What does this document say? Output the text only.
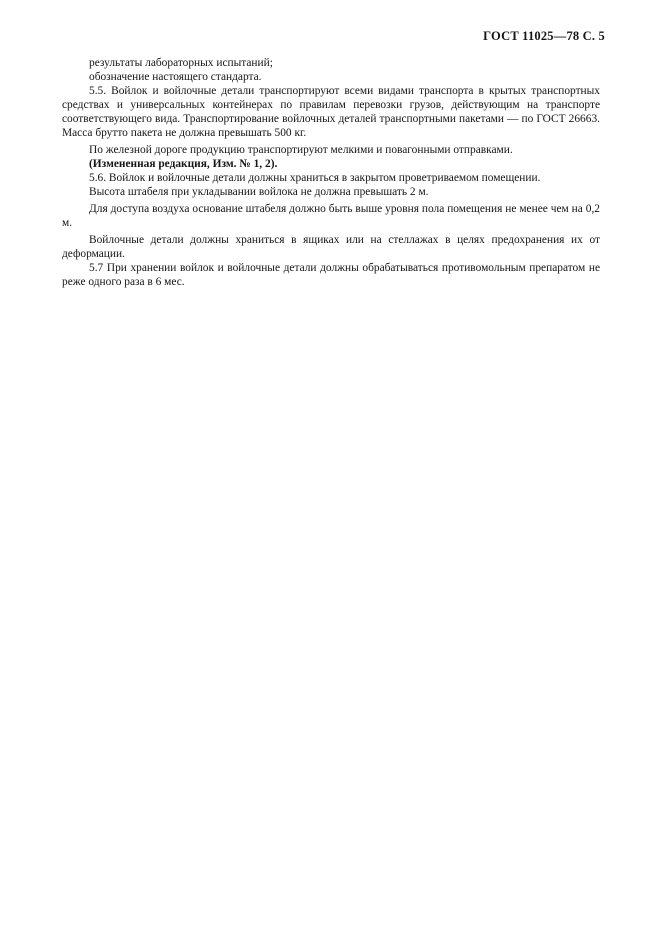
ГОСТ 11025—78 С. 5

результаты лабораторных испытаний;

обозначение настоящего стандарта.

5.5. Войлок и войлочные детали транспортируют всеми видами транспорта в крытых транспортных средствах и универсальных контейнерах по правилам перевозки грузов, действующим на транспорте соответствующего вида. Транспортирование войлочных деталей транспортными пакетами — по ГОСТ 26663. Масса брутто пакета не должна превышать 500 кг.

По железной дороге продукцию транспортируют мелкими и повагонными отправками.

(Измененная редакция, Изм. № 1, 2).

5.6. Войлок и войлочные детали должны храниться в закрытом проветриваемом помещении.

Высота штабеля при укладывании войлока не должна превышать 2 м.

Для доступа воздуха основание штабеля должно быть выше уровня пола помещения не менее чем на 0,2 м.

Войлочные детали должны храниться в ящиках или на стеллажах в целях предохранения их от деформации.

5.7 При хранении войлок и войлочные детали должны обрабатываться противомольным препаратом не реже одного раза в 6 мес.
